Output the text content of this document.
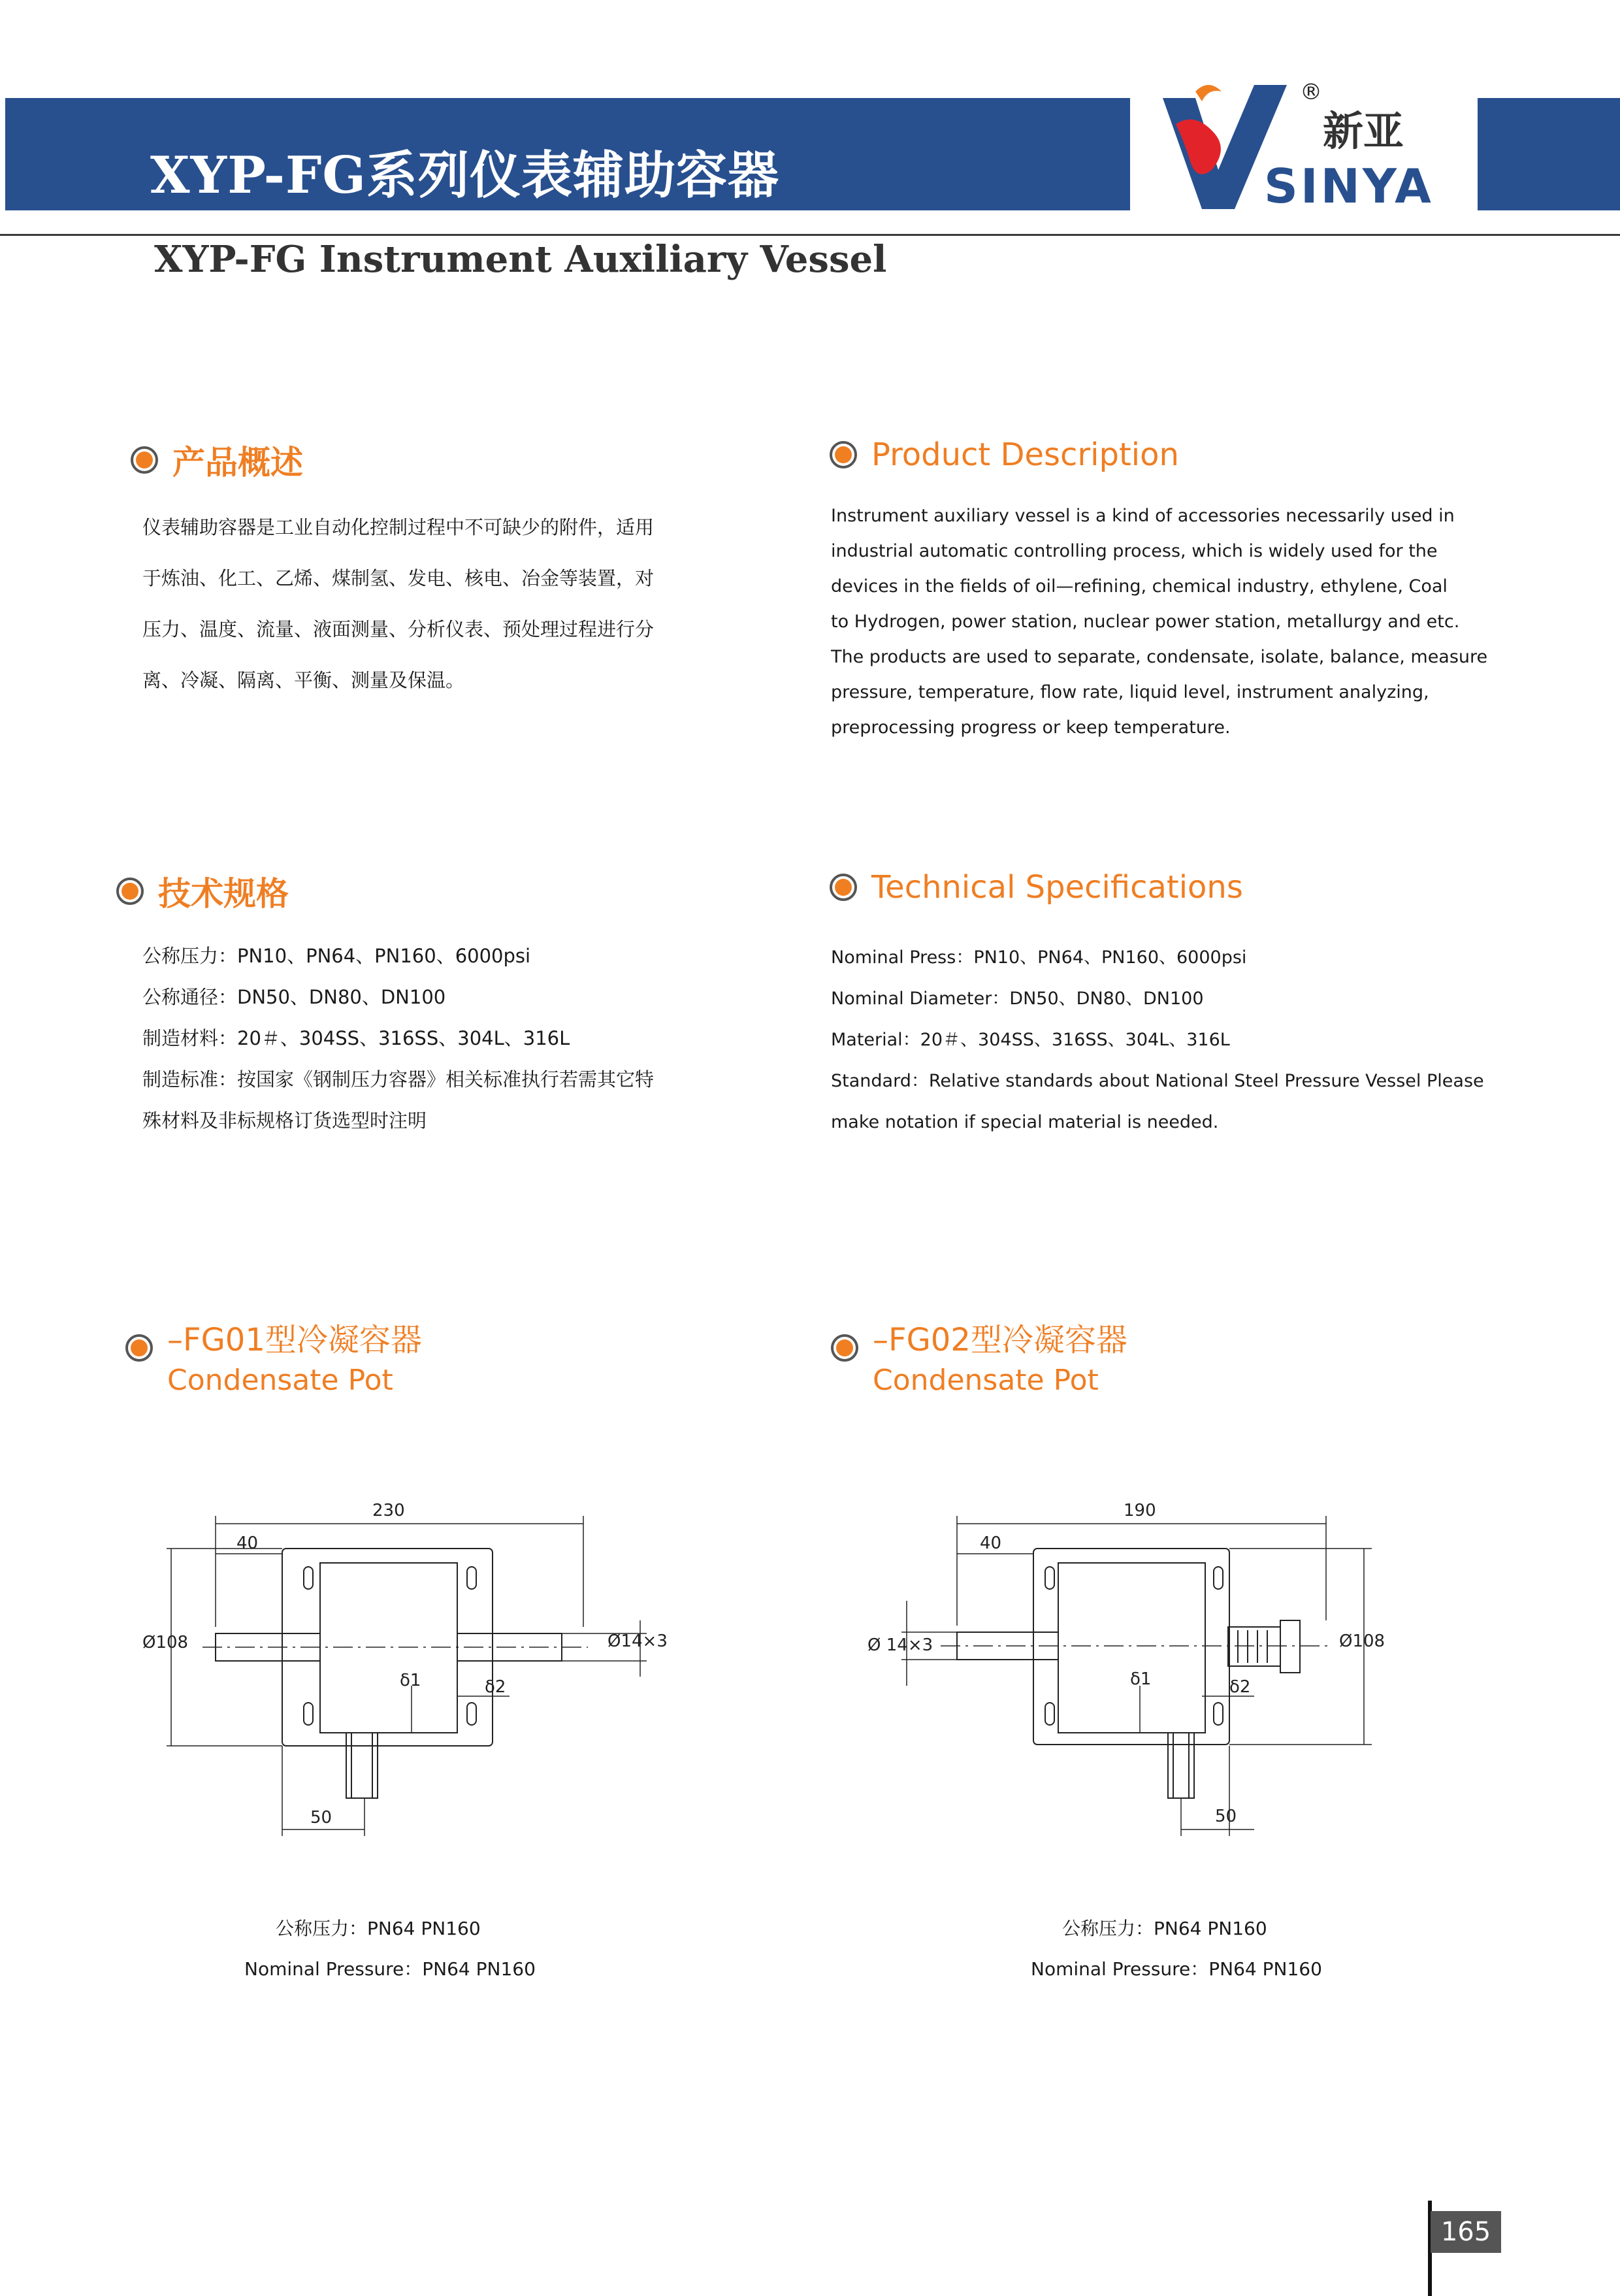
XYP-FG系列仪表辅助容器
XYP-FG Instrument Auxiliary Vessel
®
新亚
SINYA
产品概述
仪表辅助容器是工业自动化控制过程中不可缺少的附件，适用
于炼油、化工、乙烯、煤制氢、发电、核电、冶金等装置，对
压力、温度、流量、液面测量、分析仪表、预处理过程进行分
离、冷凝、隔离、平衡、测量及保温。
Product Description

Instrument auxiliary vessel is a kind of accessories necessarily used in

industrial automatic controlling process, which is widely used for the

devices in the fields of oil—refining, chemical industry, ethylene, Coal

to Hydrogen, power station, nuclear power station, metallurgy and etc.

The products are used to separate, condensate, isolate, balance, measure

pressure, temperature, flow rate, liquid level, instrument analyzing,

preprocessing progress or keep temperature.

技术规格
公称压力：PN10、PN64、PN160、6000psi
公称通径：DN50、DN80、DN100
制造材料：20＃、304SS、316SS、304L、316L
制造标准：按国家《钢制压力容器》相关标准执行若需其它特
殊材料及非标规格订货选型时注明
Technical Specifications
Nominal Press：PN10、PN64、PN160、6000psi
Nominal Diameter：DN50、DN80、DN100
Material：20＃、304SS、316SS、304L、316L
Standard：Relative standards about National Steel Pressure Vessel Please
make notation if special material is needed.
–FG01型冷凝容器
Condensate Pot
230
40
Ø108	Ø14×3
δ1	δ2
50
公称压力：PN64 PN160
Nominal Pressure：PN64 PN160
–FG02型冷凝容器
Condensate Pot
190
40
Ø 14×3	Ø108
δ1	δ2
50
公称压力：PN64 PN160
Nominal Pressure：PN64 PN160
165
